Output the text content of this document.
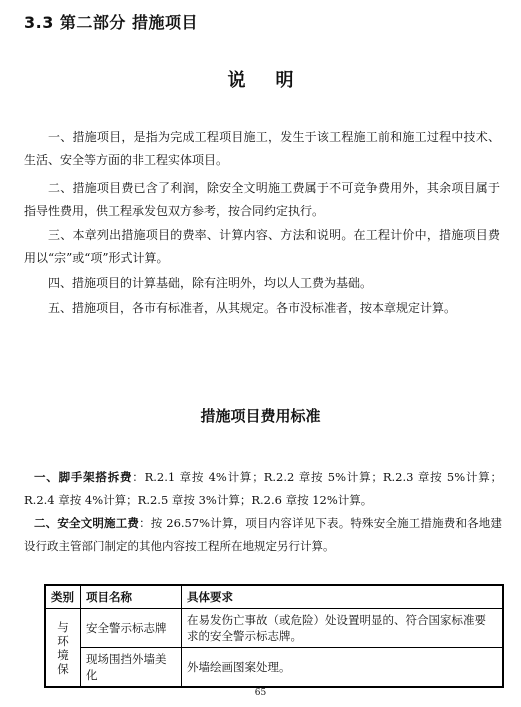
3.3 第二部分 措施项目
说明

一、措施项目，是指为完成工程项目施工，发生于该工程施工前和施工过程中技术、生活、安全等方面的非工程实体项目。

二、措施项目费已含了利润，除安全文明施工费属于不可竞争费用外，其余项目属于指导性费用，供工程承发包双方参考，按合同约定执行。

三、本章列出措施项目的费率、计算内容、方法和说明。在工程计价中，措施项目费用以“宗”或“项”形式计算。

四、措施项目的计算基础，除有注明外，均以人工费为基础。

五、措施项目，各市有标准者，从其规定。各市没标准者，按本章规定计算。

措施项目费用标准

一、脚手架搭拆费：R.2.1 章按 4%计算；R.2.2 章按 5%计算；R.2.3 章按 5%计算；R.2.4 章按 4%计算；R.2.5 章按 3%计算；R.2.6 章按 12%计算。

二、安全文明施工费：按 26.57%计算，项目内容详见下表。特殊安全施工措施费和各地建设行政主管部门制定的其他内容按工程所在地规定另行计算。

类别	项目名称	具体要求

与
环
境
保	安全警示标志牌	在易发伤亡事故（或危险）处设置明显的、符合国家标准要求的安全警示标志牌。
	现场围挡外墙美化	外墙绘画图案处理。
65
